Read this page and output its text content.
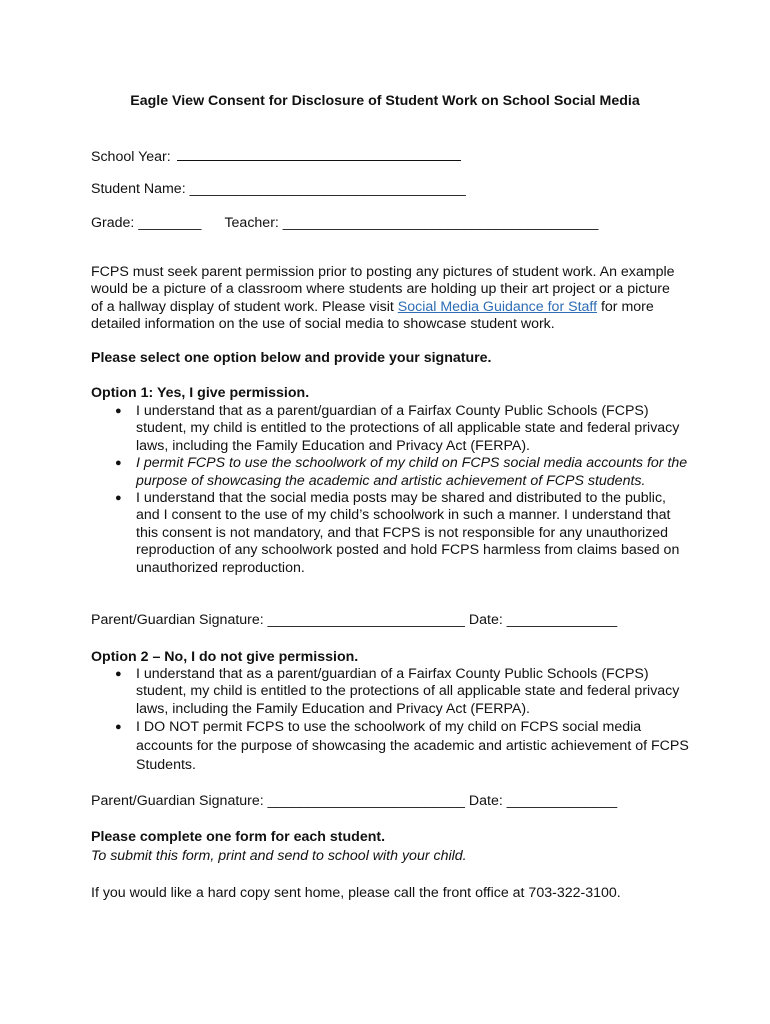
Eagle View Consent for Disclosure of Student Work on School Social Media
School Year:
Student Name: ___________________________________
Grade: ________ Teacher: ________________________________________
FCPS must seek parent permission prior to posting any pictures of student work. An example would be a picture of a classroom where students are holding up their art project or a picture of a hallway display of student work. Please visit Social Media Guidance for Staff for more detailed information on the use of social media to showcase student work.
Please select one option below and provide your signature.
Option 1: Yes, I give permission.
● I understand that as a parent/guardian of a Fairfax County Public Schools (FCPS) student, my child is entitled to the protections of all applicable state and federal privacy laws, including the Family Education and Privacy Act (FERPA).
● I permit FCPS to use the schoolwork of my child on FCPS social media accounts for the purpose of showcasing the academic and artistic achievement of FCPS students.
● I understand that the social media posts may be shared and distributed to the public, and I consent to the use of my child’s schoolwork in such a manner. I understand that this consent is not mandatory, and that FCPS is not responsible for any unauthorized reproduction of any schoolwork posted and hold FCPS harmless from claims based on unauthorized reproduction.
Parent/Guardian Signature: _________________________ Date: ______________
Option 2 – No, I do not give permission.
● I understand that as a parent/guardian of a Fairfax County Public Schools (FCPS) student, my child is entitled to the protections of all applicable state and federal privacy laws, including the Family Education and Privacy Act (FERPA).
● I DO NOT permit FCPS to use the schoolwork of my child on FCPS social media accounts for the purpose of showcasing the academic and artistic achievement of FCPS Students.
Parent/Guardian Signature: _________________________ Date: ______________
Please complete one form for each student.
To submit this form, print and send to school with your child.
If you would like a hard copy sent home, please call the front office at 703-322-3100.
